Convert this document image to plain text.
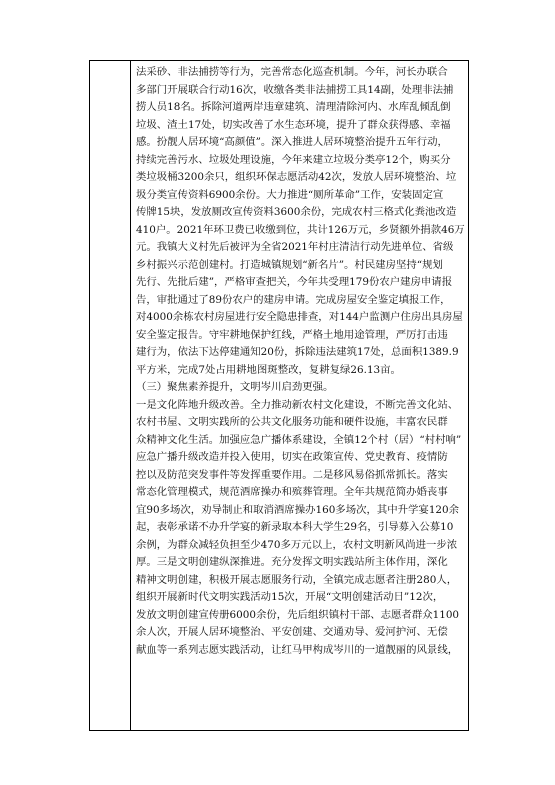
法采砂、非法捕捞等行为，完善常态化巡查机制。今年，河长办联合

多部门开展联合行动16次，收缴各类非法捕捞工具14副，处理非法捕

捞人员18名。拆除河道两岸违章建筑、清理清除河内、水库乱倾乱倒

垃圾、渣土17处，切实改善了水生态环境，提升了群众获得感、幸福

感。扮靓人居环境“高颜值”。深入推进人居环境整治提升五年行动，

持续完善污水、垃圾处理设施，今年来建立垃圾分类亭12个，购买分

类垃圾桶3200余只，组织环保志愿活动42次，发放人居环境整治、垃

圾分类宣传资料6900余份。大力推进“厕所革命”工作，安装固定宣

传牌15块，发放厕改宣传资料3600余份，完成农村三格式化粪池改造

410户。2021年环卫费已收缴到位，共计126万元，乡贤额外捐款46万

元。我镇大义村先后被评为全省2021年村庄清洁行动先进单位、省级

乡村振兴示范创建村。打造城镇规划“新名片”。村民建房坚持“规划

先行、先批后建”，严格审查把关，今年共受理179份农户建房申请报

告，审批通过了89份农户的建房申请。完成房屋安全鉴定填报工作，

对4000余栋农村房屋进行安全隐患排查，对144户监测户住房出具房屋

安全鉴定报告。守牢耕地保护红线，严格土地用途管理，严厉打击违

建行为，依法下达停建通知20份，拆除违法建筑17处，总面积1389.9

平方米，完成7处占用耕地图斑整改，复耕复绿26.13亩。

（三）聚焦素养提升，文明岑川启劲更强。

一是文化阵地升级改善。全力推动新农村文化建设，不断完善文化站、

农村书屋、文明实践所的公共文化服务功能和硬件设施，丰富农民群

众精神文化生活。加强应急广播体系建设，全镇12个村（居）“村村响”

应急广播升级改造并投入使用，切实在政策宣传、党史教育、疫情防

控以及防范突发事件等发挥重要作用。二是移风易俗抓常抓长。落实

常态化管理模式，规范酒席操办和殡葬管理。全年共规范简办婚丧事

宜90多场次，劝导制止和取消酒席操办160多场次，其中升学宴120余

起，表彰承诺不办升学宴的新录取本科大学生29名，引导募入公募10

余例，为群众减轻负担至少470多万元以上，农村文明新风尚进一步浓

厚。三是文明创建纵深推进。充分发挥文明实践站所主体作用，深化

精神文明创建，积极开展志愿服务行动，全镇完成志愿者注册280人，

组织开展新时代文明实践活动15次，开展“文明创建活动日”12次，

发放文明创建宣传册6000余份，先后组织镇村干部、志愿者群众1100

余人次，开展人居环境整治、平安创建、交通劝导、爱河护河、无偿

献血等一系列志愿实践活动，让红马甲构成岑川的一道靓丽的风景线，
